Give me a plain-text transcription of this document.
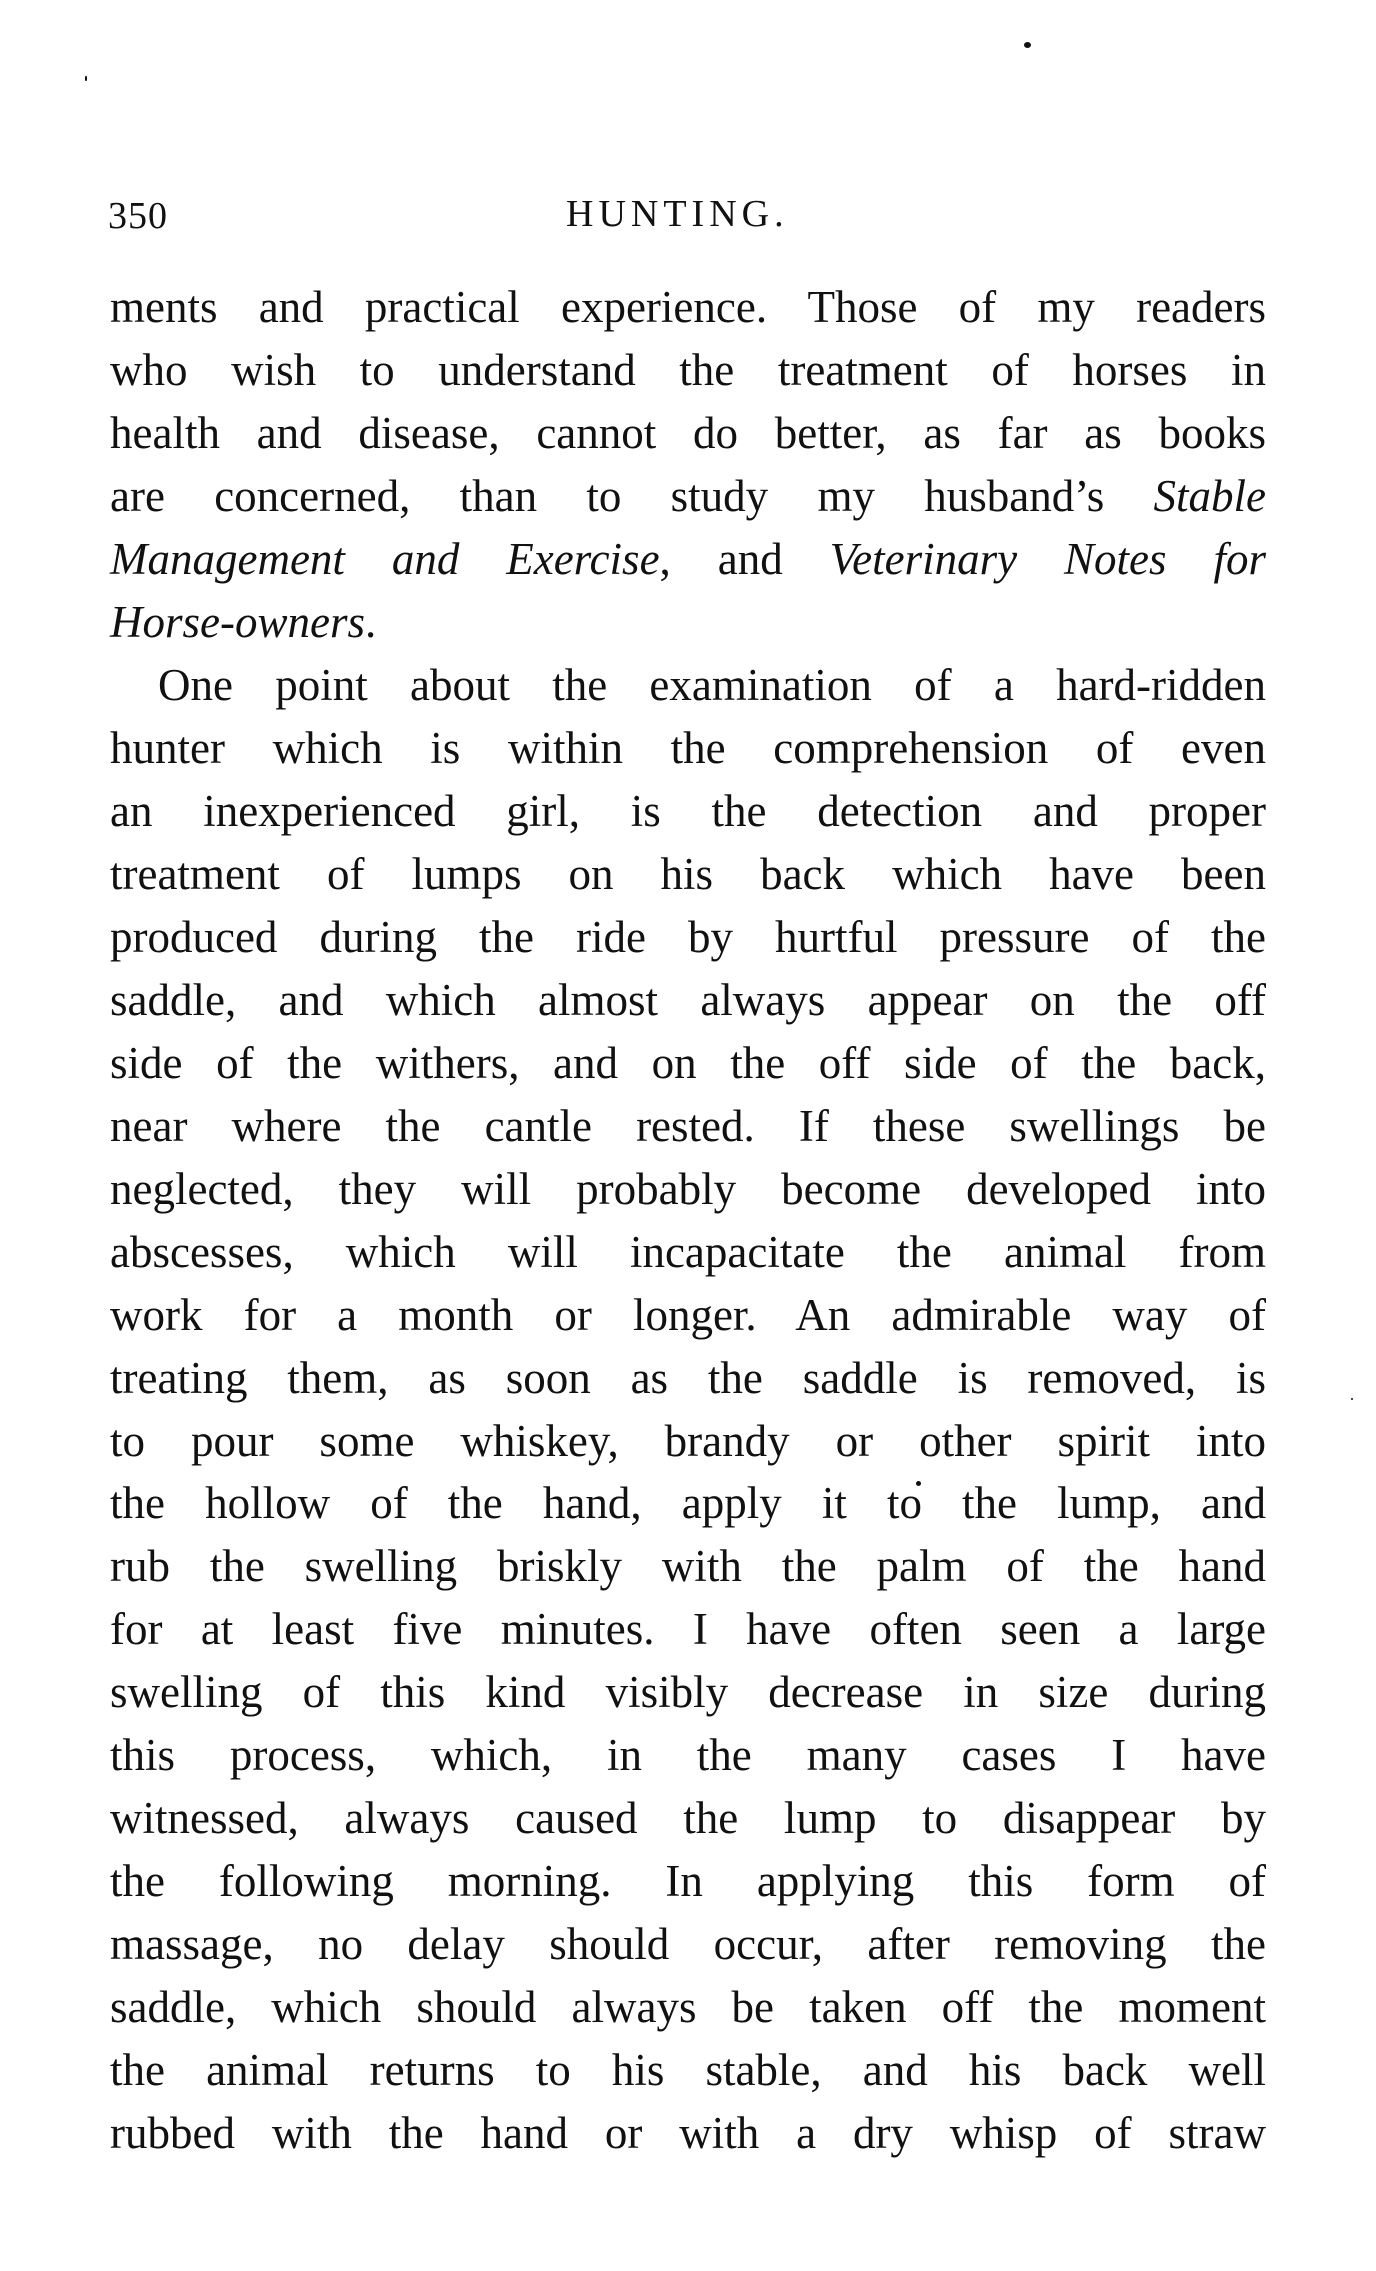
350	HUNTING.
ments and practical experience. Those of my readers
who wish to understand the treatment of horses in
health and disease, cannot do better, as far as books
are concerned, than to study my husband’s Stable
Management and Exercise, and Veterinary Notes for
Horse-owners.
One point about the examination of a hard-ridden
hunter which is within the comprehension of even
an inexperienced girl, is the detection and proper
treatment of lumps on his back which have been
produced during the ride by hurtful pressure of the
saddle, and which almost always appear on the off
side of the withers, and on the off side of the back,
near where the cantle rested. If these swellings be
neglected, they will probably become developed into
abscesses, which will incapacitate the animal from
work for a month or longer. An admirable way of
treating them, as soon as the saddle is removed, is
to pour some whiskey, brandy or other spirit into
the hollow of the hand, apply it to the lump, and
rub the swelling briskly with the palm of the hand
for at least five minutes. I have often seen a large
swelling of this kind visibly decrease in size during
this process, which, in the many cases I have
witnessed, always caused the lump to disappear by
the following morning. In applying this form of
massage, no delay should occur, after removing the
saddle, which should always be taken off the moment
the animal returns to his stable, and his back well
rubbed with the hand or with a dry whisp of straw
